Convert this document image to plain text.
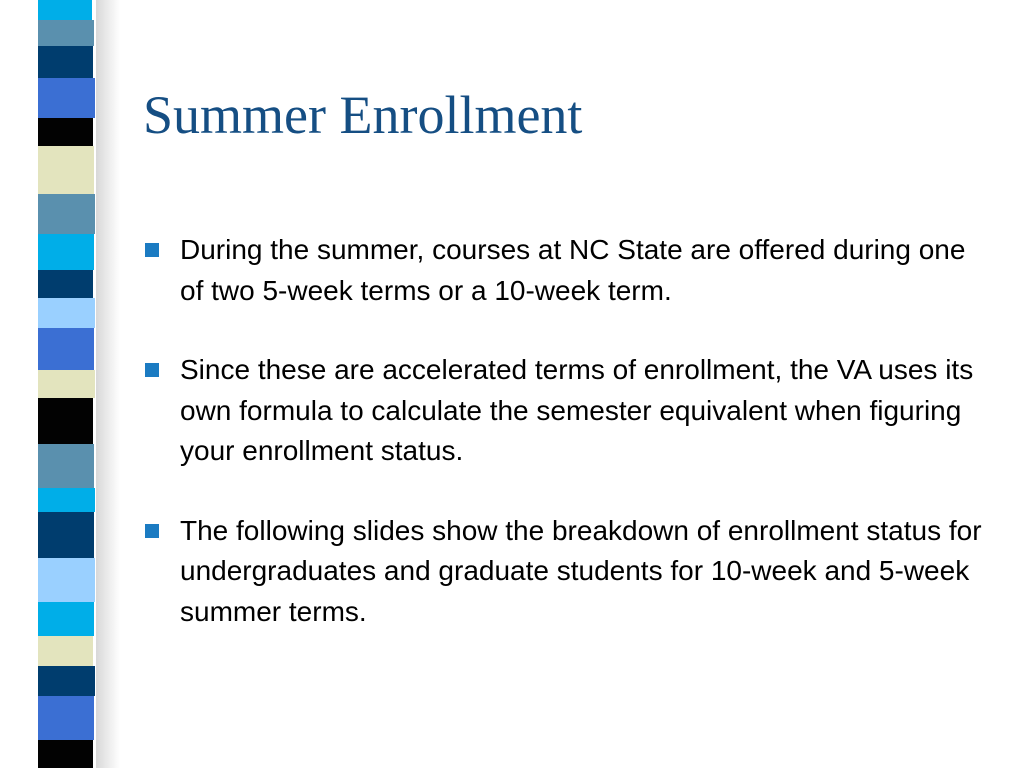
Summer Enrollment
During the summer, courses at NC State are offered during one of two 5-week terms or a 10-week term.
Since these are accelerated terms of enrollment, the VA uses its own formula to calculate the semester equivalent when figuring your enrollment status.
The following slides show the breakdown of enrollment status for undergraduates and graduate students for 10-week and 5-week summer terms.
